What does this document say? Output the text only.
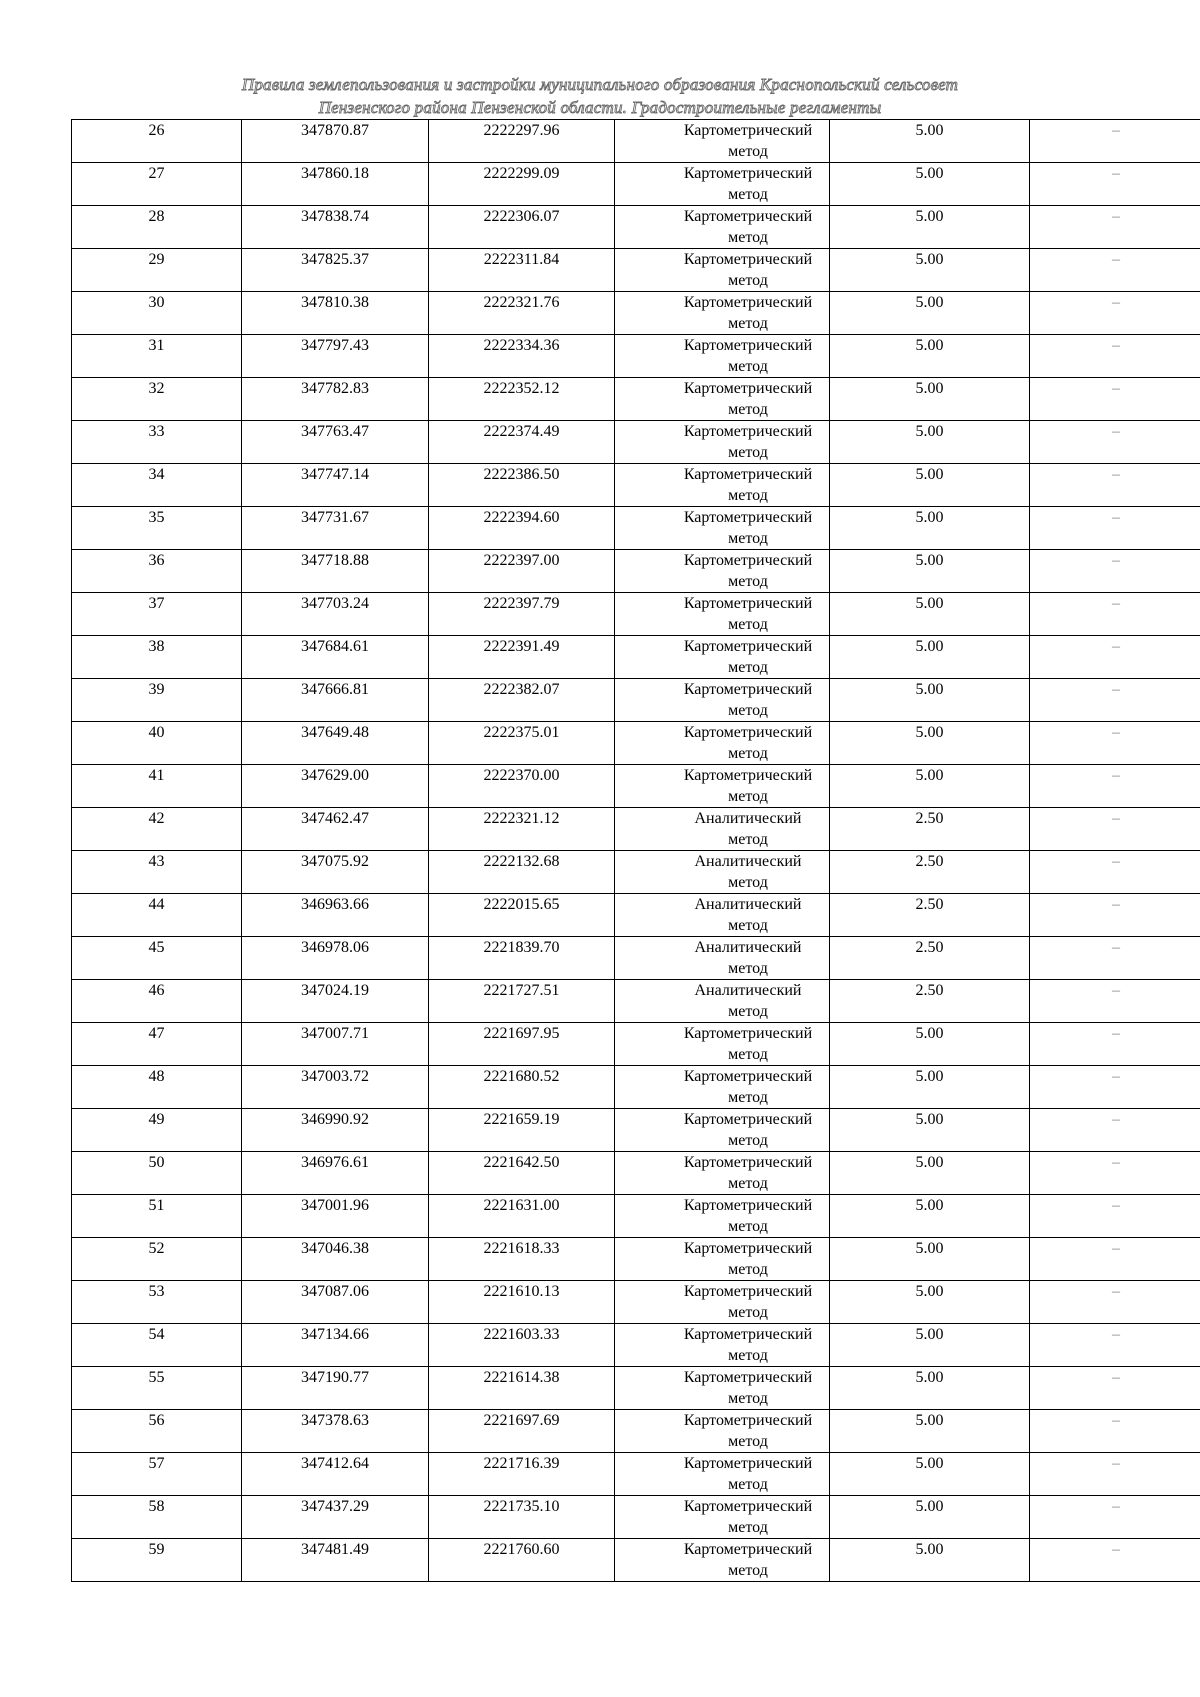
Правила землепользования и застройки муниципального образования Краснопольский сельсовет
Пензенского района Пензенской области. Градостроительные регламенты
26	347870.87	2222297.96	Картометрический метод	5.00	–
27	347860.18	2222299.09	Картометрический метод	5.00	–
28	347838.74	2222306.07	Картометрический метод	5.00	–
29	347825.37	2222311.84	Картометрический метод	5.00	–
30	347810.38	2222321.76	Картометрический метод	5.00	–
31	347797.43	2222334.36	Картометрический метод	5.00	–
32	347782.83	2222352.12	Картометрический метод	5.00	–
33	347763.47	2222374.49	Картометрический метод	5.00	–
34	347747.14	2222386.50	Картометрический метод	5.00	–
35	347731.67	2222394.60	Картометрический метод	5.00	–
36	347718.88	2222397.00	Картометрический метод	5.00	–
37	347703.24	2222397.79	Картометрический метод	5.00	–
38	347684.61	2222391.49	Картометрический метод	5.00	–
39	347666.81	2222382.07	Картометрический метод	5.00	–
40	347649.48	2222375.01	Картометрический метод	5.00	–
41	347629.00	2222370.00	Картометрический метод	5.00	–
42	347462.47	2222321.12	Аналитический метод	2.50	–
43	347075.92	2222132.68	Аналитический метод	2.50	–
44	346963.66	2222015.65	Аналитический метод	2.50	–
45	346978.06	2221839.70	Аналитический метод	2.50	–
46	347024.19	2221727.51	Аналитический метод	2.50	–
47	347007.71	2221697.95	Картометрический метод	5.00	–
48	347003.72	2221680.52	Картометрический метод	5.00	–
49	346990.92	2221659.19	Картометрический метод	5.00	–
50	346976.61	2221642.50	Картометрический метод	5.00	–
51	347001.96	2221631.00	Картометрический метод	5.00	–
52	347046.38	2221618.33	Картометрический метод	5.00	–
53	347087.06	2221610.13	Картометрический метод	5.00	–
54	347134.66	2221603.33	Картометрический метод	5.00	–
55	347190.77	2221614.38	Картометрический метод	5.00	–
56	347378.63	2221697.69	Картометрический метод	5.00	–
57	347412.64	2221716.39	Картометрический метод	5.00	–
58	347437.29	2221735.10	Картометрический метод	5.00	–
59	347481.49	2221760.60	Картометрический метод	5.00	–
